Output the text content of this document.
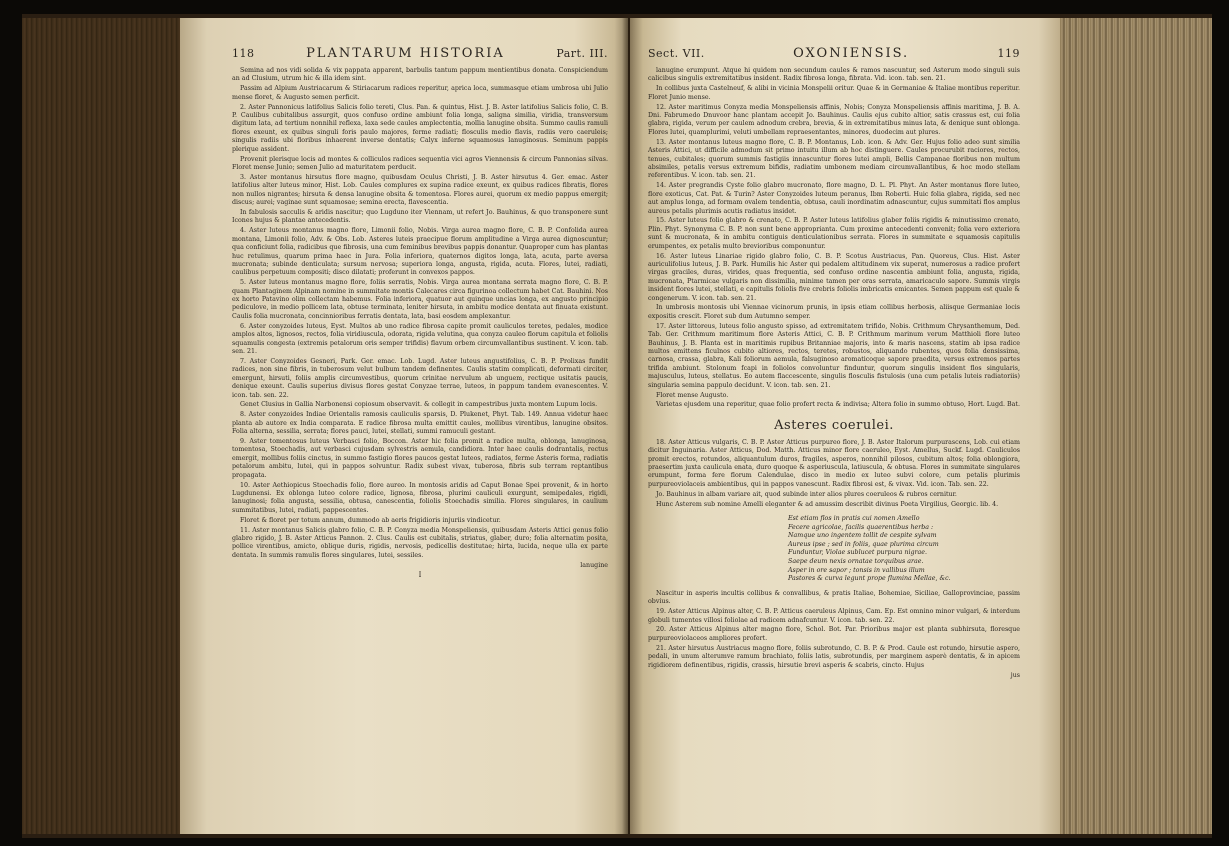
118	PLANTARUM HISTORIA	Part. III.

Semina ad nos vidi solida & vix pappata apparent, barbulis tantum pappum mentientibus donata. Conspiciendum an ad Clusium, utrum hic & illa idem sint.

Passim ad Alpium Austriacarum & Stiriacarum radices reperitur, aprica loca, summasque etiam umbrosa ubi Julio mense floret, & Augusto semen perficit.

2. Aster Pannonicus latifolius Salicis folio tereti, Clus. Pan. & quintus, Hist. J. B. Aster latifolius Salicis folio, C. B. P. Caulibus cubitalibus assurgit, quos confuso ordine ambiunt folia longa, saligna similia, viridia, transversum digitum lata, ad tertium nonnihil reflexa, laxa sede caules amplectentia, mollia lanugine obsita. Summo caulis ramuli flores exeunt, ex quibus singuli foris paulo majores, ferme radiati; flosculis medio flavis, radiis vero caeruleis; singulis radiis ubi floribus inhaerent inverse dentatis; Calyx inferne squamosus lanuginosus. Seminum pappis plerique assident.

Provenit plerisque locis ad montes & colliculos radices sequentia vici agros Viennensis & circum Pannonias silvas. Floret mense Junio; semen Julio ad maturitatem perducit.

3. Aster montanus hirsutus flore magno, quibusdam Oculus Christi, J. B. Aster hirsutus 4. Ger. emac. Aster latifolius alter luteus minor, Hist. Lob. Caules complures ex supina radice exeunt, ex quibus radices fibratis, flores non nullos nigrantes; hirsuta & densa lanugine obsita & tomentosa. Flores aurei, quorum ex medio pappus emergit; discus; aurei; vaginae sunt squamosae; semina erecta, flavescentia.

In fabulosis sacculis & aridis nascitur; quo Lugduno iter Viennam, ut refert Jo. Bauhinus, & quo transponere sunt Icones hujus & plantae antecedentis.

4. Aster luteus montanus magno flore, Limonii folio, Nobis. Virga aurea magno flore, C. B. P. Confolida aurea montana, Limonii folio, Adv. & Obs. Lob. Asteres luteis praecipue florum amplitudine a Virga aurea dignoscuntur; qua conficiunt folia, radicibus que fibrosis, una cum feminibus brevibus pappis donantur. Quaproper cum has plantas huc retulimus, quarum prima haec in Jura. Folia inferiora, quaternos digitos longa, lata, acuta, parte aversa mucronata; subinde denticulata; sursum nervosa; superiora longa, angusta, rigida, acuta. Flores, lutei, radiati, caulibus perpetuum compositi; disco dilatati; proferunt in convexos pappos.

5. Aster luteus montanus magno flore, foliis serratis, Nobis. Virga aurea montana serrata magno flore, C. B. P. quam Plantaginem Alpinam nomine in summitate montis Calecares circa figurinoa collectum habet Cat. Bauhini. Nos ex horto Patavino olim collectam habemus. Folia inferiora, quatuor aut quinque uncias longa, ex angusto principio pediculove, in medio pollicem lata, obtuse terminata, leniter hirsuta, in ambitu modice dentata aut finuata existunt. Caulis folia mucronata, concinnioribus ferratis dentata, lata, basi eosdem amplexantur.

6. Aster conyzoides luteus, Eyst. Multos ab uno radice fibrosa capite promit cauliculos teretes, pedales, modice amplos altos, lignosos, rectos, folia viridiuscula, odorata, rigida velutina, qua conyza cauleo florum capitula et foliolis squamulis congesta (extremis petalorum oris semper trifidis) flavum orbem circumvallantibus sustinent. V. icon. tab. sen. 21.

7. Aster Conyzoides Gesneri, Park. Ger. emac. Lob. Lugd. Aster luteus angustifolius, C. B. P. Prolixas fundit radices, non sine fibris, in tuberosum velut bulbum tandem definentes. Caulis statim complicati, deformati circiter, emergunt, hirsuti, foliis amplis circumvestibus, quorum crinitae nervulum ab unguem, rectique usitatis paucis, denique exeunt. Caulis superius divisus flores gestat Conyzae terrae, luteos, in pappum tandem evanescentes. V. icon. tab. sen. 22.

Genet Clusius in Gallia Narbonensi copiosum observavit. & collegit in campestribus juxta montem Lupum locis.

8. Aster conyzoides Indiae Orientalis ramosis cauliculis sparsis, D. Plukenet, Phyt. Tab. 149. Annua videtur haec planta ab autore ex India comparata. E radice fibrosa multa emittit caules, mollibus virentibus, lanugine obsitos. Folia alterna, sessilia, serrata; flores pauci, lutei, stellati, summi ramuculi gestant.

9. Aster tomentosus luteus Verbasci folio, Boccon. Aster hic folia promit a radice multa, oblonga, lanuginosa, tomentosa, Stoechadis, aut verbasci cujusdam sylvestris aemula, candidiora. Inter haec caulis dodrantalis, rectus emergit, mollibus foliis cinctus, in summo fastigio flores paucos gestat luteos, radiatos, ferme Asteris forma, radiatis petalorum ambitu, lutei, qui in pappos solvuntur. Radix subest vivax, tuberosa, fibris sub terram reptantibus propagata.

10. Aster Aethiopicus Stoechadis folio, flore aureo. In montosis aridis ad Caput Bonae Spei provenit, & in horto Lugdunensi. Ex oblonga luteo colore radice, lignosa, fibrosa, plurimi cauliculi exurgunt, semipedales, rigidi, lanuginosi; folia angusta, sessilia, obtusa, canescentia, foliolis Stoechadis similia. Flores singulares, in caulium summitatibus, lutei, radiati, pappescentes.

Floret & floret per totum annum, dummodo ab aeris frigidioris injuriis vindicetur.

11. Aster montanus Salicis glabro folio, C. B. P. Conyza media Monspeliensis, quibusdam Asteris Attici genus folio glabro rigido, J. B. Aster Atticus Pannon. 2. Clus. Caulis est cubitalis, striatus, glaber, duro; folia alternatim posita, pollice virentibus, amicto, oblique duris, rigidis, nervosis, pedicellis destitutae; hirta, lucida, neque ulla ex parte dentata. In summis ramulis flores singulares, lutei, sessiles.

lanugine
I
Sect. VII.	OXONIENSIS.	119

lanugine erumpunt. Atque hi quidem non secundum caules & ramos nascuntur, sed Asterum modo singuli suis calicibus singulis extremitatibus insident. Radix fibrosa longa, fibrata. Vid. icon. tab. sen. 21.

In collibus juxta Castelneuf, & alibi in vicinia Monspelii oritur. Quae & in Germaniae & Italiae montibus reperitur. Floret Junio mense.

12. Aster maritimus Conyza media Monspeliensis affinis, Nobis; Conyza Monspeliensis affinis maritima, J. B. A. Dni. Fabrumedo Dnuvoor hanc plantam accepit Jo. Bauhinus. Caulis ejus cubito altior, satis crassus est, cui folia glabra, rigida, verum per caulem adnodum crebra, brevia, & in extremitatibus minus lata, & denique sunt oblonga. Flores lutei, quamplurimi, veluti umbellam repraesentantes, minores, duodecim aut plures.

13. Aster montanus luteus magno flore, C. B. P. Montanus, Lob. icon. & Adv. Ger. Hujus folio adeo sunt similia Asteris Attici, ut difficile admodum sit primo intuitu illum ab hoc distinguere. Caules procurubit raciores, rectos, tenues, cubitales; quorum summis fastigiis innascuntur flores lutei ampli, Bellis Campanae floribus non multum absimiles, petalis versus extremum bifidis, radiatim umbonem mediam circumvallantibus, & hoc modo stellam referentibus. V. icon. tab. sen. 21.

14. Aster pregrandis Cyste folio glabro mucronato, flore magno, D. L. Pl. Phyt. An Aster montanus flore luteo, flore exoticus, Cat. Pat. & Turin? Aster Conyzoides luteum peranus, Ibm Roberti. Huic folia glabra, rigida, sed nec aut amplus longa, ad formam ovalem tendentia, obtusa, cauli inordinatim adnascuntur, cujus summitati flos amplus aureus petalis plurimis acutis radiatus insidet.

15. Aster luteus folio glabro & crenato, C. B. P. Aster luteus latifolius glaber foliis rigidis & minutissimo crenato, Plin. Phyt. Synonyma C. B. P. non sunt bene approprianta. Cum proxime antecedenti convenit; folia vero exteriora sunt & mucronata, & in ambitu contiguis denticulationibus serrata. Flores in summitate e squamosis capitulis erumpentes, ex petalis multo brevioribus componuntur.

16. Aster luteus Linariae rigido glabro folio, C. B. P. Scotus Austriacus, Pan. Quoreus, Clus. Hist. Aster auriculifolius luteus, J. B. Park. Humilis hic Aster qui pedalem altitudinem vix superat, numerosus a radice profert virgas graciles, duras, virides, quas frequentia, sed confuso ordine nascentia ambiunt folia, angusta, rigida, mucronata, Ptarmicae vulgaris non dissimilia, minime tamen per oras serrata, amaricaculo sapore. Summis virgis insident flores lutei, stellati, e capitulis foliolis five crebris foliolis imbricatis emicantes. Semen pappum est quale & congenerum. V. icon. tab. sen. 21.

In umbrosis montosis ubi Viennae vicinorum prunis, in ipsis etiam collibus herbosis, aliisque Germaniae locis expositis crescit. Floret sub dum Autumno semper.

17. Aster littoreus, luteus folio angusto spisso, ad extremitatem trifido, Nobis. Crithmum Chrysanthemum, Ded. Tab. Ger. Crithmum maritimum flore Asteris Attici, C. B. P. Crithmum marinum verum Matthioli flore luteo Bauhinus, J. B. Planta est in maritimis rupibus Britanniae majoris, into & maris nascens, statim ab ipsa radice multos emittens ficulnos cubito altiores, rectos, teretes, robustos, aliquando rubentes, quos folia densissima, carnosa, crassa, glabra, Kali foliorum aemula, falsuginoso aromaticoque sapore praedita, versus extremos partes trifida ambiunt. Stolonum fcapi in foliolos convoluntur finduntur, quorum singulis insident flos singularis, majusculus, luteus, stellatus. Eo autem flaccescente, singulis flosculis fistulosis (una cum petalis luteis radiatoriis) singularia semina pappulo decidunt. V. icon. tab. sen. 21.

Floret mense Augusto.

Varietas ejusdem una reperitur, quae folio profert recta & indivisa; Altera folio in summo obtuso, Hort. Lugd. Bat.

Asteres coerulei.

18. Aster Atticus vulgaris, C. B. P. Aster Atticus purpureo flore, J. B. Aster Italorum purpurascens, Lob. cui etiam dicitur Inguinaria. Aster Atticus, Dod. Matth. Atticus minor flore caeruleo, Eyst. Amellus, Suckf. Lugd. Cauliculos promit erectos, rotundos, aliquantulum duros, fragiles, asperos, nonnihil pilosos, cubitum altos; folia oblongiora, praesertim juxta caulicula enata, duro quoque & asperiuscula, latiuscula, & obtusa. Flores in summitate singulares erumpunt, forma fere florum Calendulae, disco in medio ex luteo subvi colore, cum petalis plurimis purpureoviolaceis ambientibus, qui in pappos vanescunt. Radix fibrosi est, & vivax. Vid. icon. Tab. sen. 22.

Jo. Bauhinus in albam variare ait, quod subinde inter alios plures coeruleos & rubros cernitur.

Hunc Asterem sub nomine Amelli eleganter & ad amussim describit divinus Poeta Virgilius, Georgic. lib. 4.

Est etiam flos in pratis cui nomen Amello
Fecere agricolae, facilis quaerentibus herba :
Namque uno ingentem tollit de cespite sylvam
Aureus ipse ; sed in foliis, quae plurima circum
Funduntur, Violae sublucet purpura nigrae.
Saepe deum nexis ornatae torquibus arae.
Asper in ore sapor ; tonsis in vallibus illum
Pastores & curva legunt prope flumina Mellae, &c.

Nascitur in asperis incultis collibus & convallibus, & pratis Italiae, Bohemiae, Siciliae, Galloprovinciae, passim obvius.

19. Aster Atticus Alpinus alter, C. B. P. Atticus caeruleus Alpinus, Cam. Ep. Est omnino minor vulgari, & interdum globuli tumentes villosi foliolae ad radicem adnafcuntur. V. icon. tab. sen. 22.

20. Aster Atticus Alpinus alter magno flore, Schol. Bot. Par. Prioribus major est planta subhirsuta, floresque purpureoviolaceos ampliores profert.

21. Aster hirsutus Austriacus magno flore, foliis subrotundo, C. B. P. & Prod. Caule est rotundo, hirsutie aspero, pedali, in unum alterumve ramum brachiato, foliis latis, subrotundis, per marginem asperè dentatis, & in apicem rigidiorem definentibus, rigidis, crassis, hirsutie brevi asperis & scabris, cincto. Hujus

jus
